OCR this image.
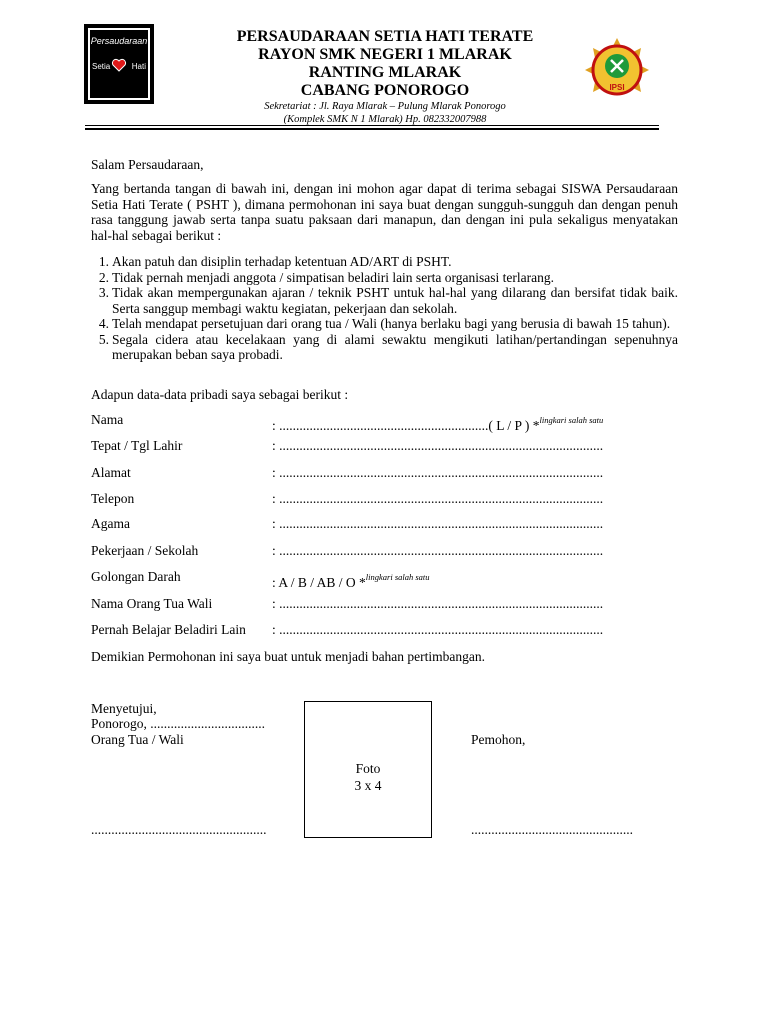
Persaudaraan
Setia	Hati
PERSAUDARAAN SETIA HATI TERATE
RAYON SMK NEGERI 1 MLARAK
RANTING MLARAK
CABANG PONOROGO
Sekretariat : Jl. Raya Mlarak – Pulung Mlarak Ponorogo
(Komplek SMK N 1 Mlarak) Hp. 082332007988
IPSI
Salam Persaudaraan,
Yang bertanda tangan di bawah ini, dengan ini mohon agar dapat di terima sebagai SISWA Persaudaraan Setia Hati Terate ( PSHT ), dimana permohonan ini saya buat dengan sungguh-sungguh dan dengan penuh rasa tanggung jawab serta tanpa suatu paksaan dari manapun, dan dengan ini pula sekaligus menyatakan hal-hal sebagai berikut :
1. Akan patuh dan disiplin terhadap ketentuan AD/ART di PSHT.
2. Tidak pernah menjadi anggota / simpatisan beladiri lain serta organisasi terlarang.
3. Tidak akan mempergunakan ajaran / teknik PSHT untuk hal-hal yang dilarang dan bersifat tidak baik. Serta sanggup membagi waktu kegiatan, pekerjaan dan sekolah.
4. Telah mendapat persetujuan dari orang tua / Wali (hanya berlaku bagi yang berusia di bawah 15 tahun).
5. Segala cidera atau kecelakaan yang di alami sewaktu mengikuti latihan/pertandingan sepenuhnya merupakan beban saya probadi.
Adapun data-data pribadi saya sebagai berikut :
Nama	: ..............................................................( L / P ) *$^{lingkari salah satu}$
Tepat / Tgl Lahir	: ................................................................................................
Alamat	: ................................................................................................
Telepon	: ................................................................................................
Agama	: ................................................................................................
Pekerjaan / Sekolah	: ................................................................................................
Golongan Darah	: A / B / AB / O *$^{lingkari salah satu}$
Nama Orang Tua Wali	: ................................................................................................
Pernah Belajar Beladiri Lain : ................................................................................................
Demikian Permohonan ini saya buat untuk menjadi bahan pertimbangan.
Menyetujui,
Ponorogo, ..................................
Orang Tua / Wali
Foto
3 x 4
Pemohon,
....................................................	................................................
